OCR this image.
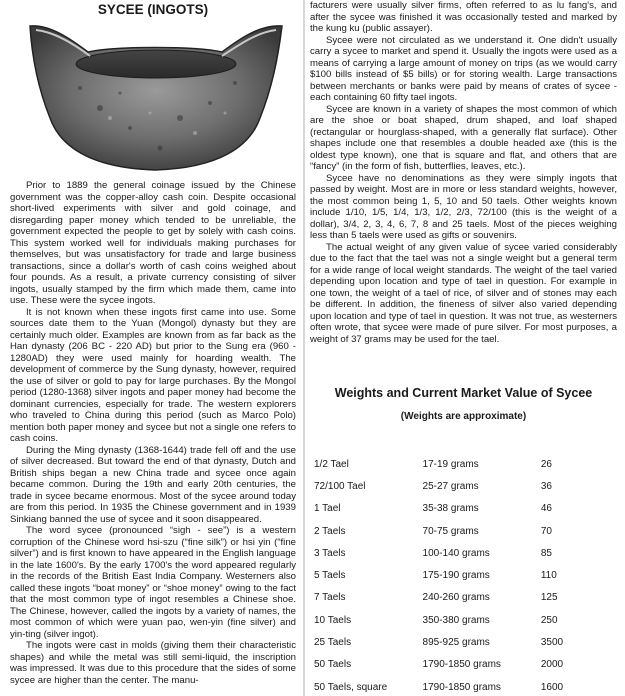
SYCEE (INGOTS)

Prior to 1889 the general coinage issued by the Chinese government was the copper-alloy cash coin. Despite occasional short-lived experiments with silver and gold coinage, and disregarding paper money which tended to be unreliable, the government expected the people to get by solely with cash coins. This system worked well for individuals making purchases for themselves, but was unsatisfactory for trade and large business transactions, since a dollar's worth of cash coins weighed about four pounds. As a result, a private currency consisting of silver ingots, usually stamped by the firm which made them, came into use. These were the sycee ingots.

It is not known when these ingots first came into use. Some sources date them to the Yuan (Mongol) dynasty but they are certainly much older. Examples are known from as far back as the Han dynasty (206 BC - 220 AD) but prior to the Sung era (960 - 1280AD) they were used mainly for hoarding wealth. The development of commerce by the Sung dynasty, however, required the use of silver or gold to pay for large purchases. By the Mongol period (1280-1368) silver ingots and paper money had become the dominant currencies, especially for trade. The western explorers who traveled to China during this period (such as Marco Polo) mention both paper money and sycee but not a single one refers to cash coins.

During the Ming dynasty (1368-1644) trade fell off and the use of silver decreased. But toward the end of that dynasty, Dutch and British ships began a new China trade and sycee once again became common. During the 19th and early 20th centuries, the trade in sycee became enormous. Most of the sycee around today are from this period. In 1935 the Chinese government and in 1939 Sinkiang banned the use of sycee and it soon disappeared.

The word sycee (pronounced “sigh - see”) is a western corruption of the Chinese word hsi-szu (“fine silk”) or hsi yin (“fine silver”) and is first known to have appeared in the English language in the late 1600's. By the early 1700's the word appeared regularly in the records of the British East India Company. Westerners also called these ingots “boat money” or “shoe money” owing to the fact that the most common type of ingot resembles a Chinese shoe. The Chinese, however, called the ingots by a variety of names, the most common of which were yuan pao, wen-yin (fine silver) and yin-ting (silver ingot).

The ingots were cast in molds (giving them their characteristic shapes) and while the metal was still semi-liquid, the inscription was impressed. It was due to this procedure that the sides of some sycee are higher than the center. The manu-

facturers were usually silver firms, often referred to as lu fang's, and after the sycee was finished it was occasionally tested and marked by the kung ku (public assayer).

Sycee were not circulated as we understand it. One didn't usually carry a sycee to market and spend it. Usually the ingots were used as a means of carrying a large amount of money on trips (as we would carry $100 bills instead of $5 bills) or for storing wealth. Large transactions between merchants or banks were paid by means of crates of sycee - each containing 60 fifty tael ingots.

Sycee are known in a variety of shapes the most common of which are the shoe or boat shaped, drum shaped, and loaf shaped (rectangular or hourglass-shaped, with a generally flat surface). Other shapes include one that resembles a double headed axe (this is the oldest type known), one that is square and flat, and others that are “fancy” (in the form of fish, butterflies, leaves, etc.).

Sycee have no denominations as they were simply ingots that passed by weight. Most are in more or less standard weights, however, the most common being 1, 5, 10 and 50 taels. Other weights known include 1/10, 1/5, 1/4, 1/3, 1/2, 2/3, 72/100 (this is the weight of a dollar), 3/4, 2, 3, 4, 6, 7, 8 and 25 taels. Most of the pieces weighing less than 5 taels were used as gifts or souvenirs.

The actual weight of any given value of sycee varied considerably due to the fact that the tael was not a single weight but a general term for a wide range of local weight standards. The weight of the tael varied depending upon location and type of tael in question. For example in one town, the weight of a tael of rice, of silver and of stones may each be different. In addition, the fineness of silver also varied depending upon location and type of tael in question. It was not true, as westerners often wrote, that sycee were made of pure silver. For most purposes, a weight of 37 grams may be used for the tael.

Weights and Current Market Value of Sycee
(Weights are approximate)
1/2 Tael	17-19 grams	26
72/100 Tael	25-27 grams	36
1 Tael	35-38 grams	46
2 Taels	70-75 grams	70
3 Taels	100-140 grams	85
5 Taels	175-190 grams	110
7 Taels	240-260 grams	125
10 Taels	350-380 grams	250
25 Taels	895-925 grams	3500
50 Taels	1790-1850 grams	2000
50 Taels, square	1790-1850 grams	1600
